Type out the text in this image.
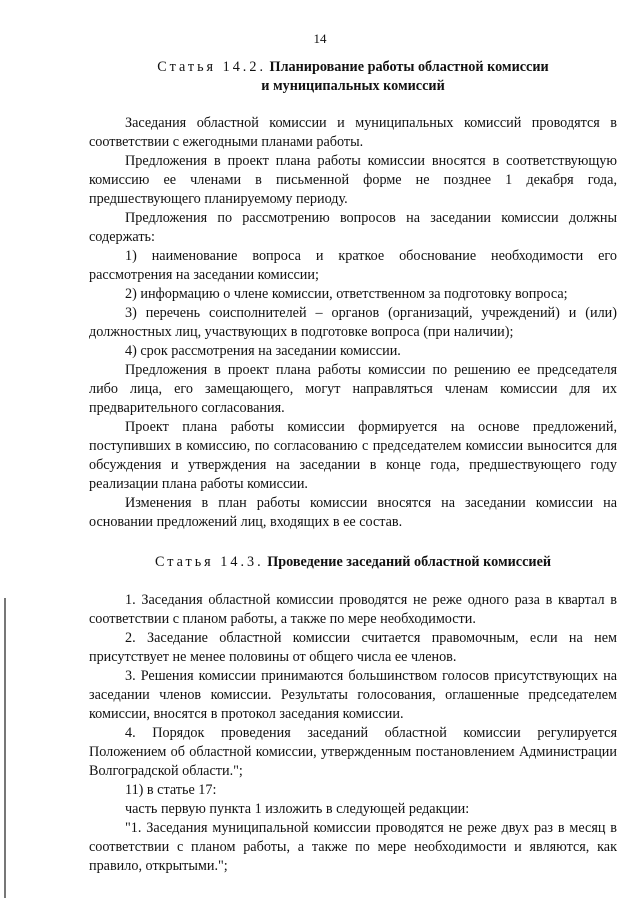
14
Статья 14.2. Планирование работы областной комиссии
и муниципальных комиссий

Заседания областной комиссии и муниципальных комиссий проводятся в соответствии с ежегодными планами работы.

Предложения в проект плана работы комиссии вносятся в соответствующую комиссию ее членами в письменной форме не позднее 1 декабря года, предшествующего планируемому периоду.

Предложения по рассмотрению вопросов на заседании комиссии должны содержать:

1) наименование вопроса и краткое обоснование необходимости его рассмотрения на заседании комиссии;

2) информацию о члене комиссии, ответственном за подготовку вопроса;

3) перечень соисполнителей – органов (организаций, учреждений) и (или) должностных лиц, участвующих в подготовке вопроса (при наличии);

4) срок рассмотрения на заседании комиссии.

Предложения в проект плана работы комиссии по решению ее председателя либо лица, его замещающего, могут направляться членам комиссии для их предварительного согласования.

Проект плана работы комиссии формируется на основе предложений, поступивших в комиссию, по согласованию с председателем комиссии выносится для обсуждения и утверждения на заседании в конце года, предшествующего году реализации плана работы комиссии.

Изменения в план работы комиссии вносятся на заседании комиссии на основании предложений лиц, входящих в ее состав.

Статья 14.3. Проведение заседаний областной комиссией

1. Заседания областной комиссии проводятся не реже одного раза в квартал в соответствии с планом работы, а также по мере необходимости.

2. Заседание областной комиссии считается правомочным, если на нем присутствует не менее половины от общего числа ее членов.

3. Решения комиссии принимаются большинством голосов присутствующих на заседании членов комиссии. Результаты голосования, оглашенные председателем комиссии, вносятся в протокол заседания комиссии.

4. Порядок проведения заседаний областной комиссии регулируется Положением об областной комиссии, утвержденным постановлением Администрации Волгоградской области.";

11) в статье 17:

часть первую пункта 1 изложить в следующей редакции:

"1. Заседания муниципальной комиссии проводятся не реже двух раз в месяц в соответствии с планом работы, а также по мере необходимости и являются, как правило, открытыми.";
